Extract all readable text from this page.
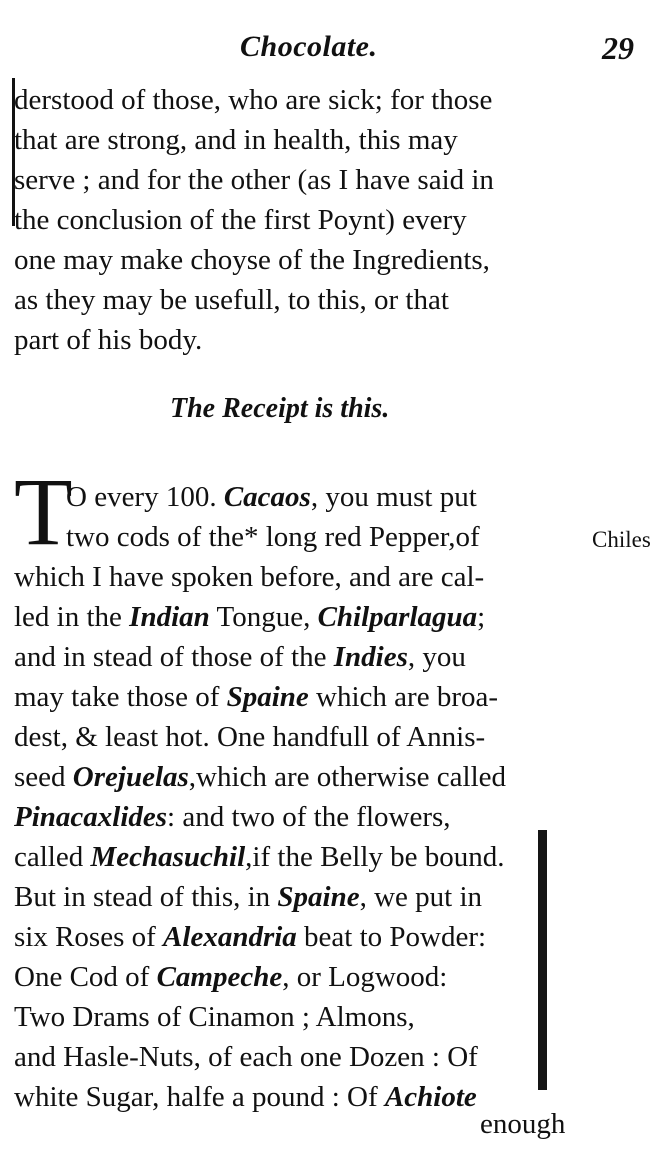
Chocolate.	29
derstood of those, who are sick; for those
that are strong, and in health, this may
serve ; and for the other (as I have said in
the conclusion of the first Poynt) every
one may make choyse of the Ingredients,
as they may be usefull, to this, or that
part of his body.
The Receipt is this.
T
O every 100. Cacaos, you must put
two cods of the* long red Pepper,of
which I have spoken before, and are cal-
led in the Indian Tongue, Chilparlagua;
and in stead of those of the Indies, you
may take those of Spaine which are broa-
dest, & least hot. One handfull of Annis-
seed Orejuelas,which are otherwise called
Pinacaxlides: and two of the flowers,
called Mechasuchil,if the Belly be bound.
But in stead of this, in Spaine, we put in
six Roses of Alexandria beat to Powder:
One Cod of Campeche, or Logwood:
Two Drams of Cinamon ; Almons,
and Hasle-Nuts, of each one Dozen : Of
white Sugar, halfe a pound : Of Achiote
Chiles
enough
